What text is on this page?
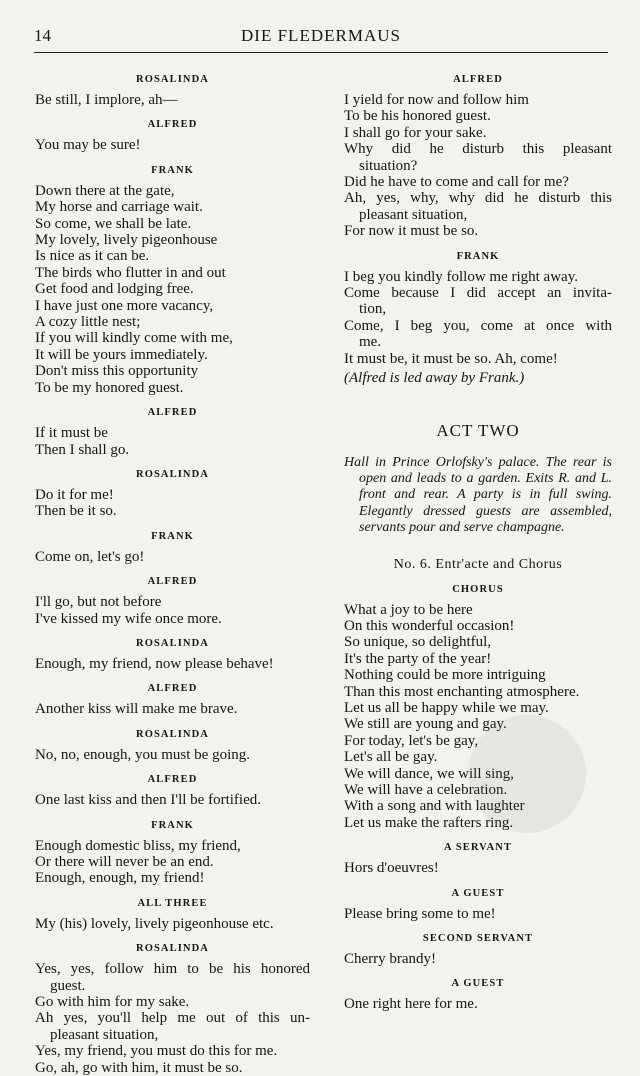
14	DIE FLEDERMAUS
ROSALINDA
Be still, I implore, ah—
ALFRED
You may be sure!
FRANK
Down there at the gate,
My horse and carriage wait.
So come, we shall be late.
My lovely, lively pigeonhouse
Is nice as it can be.
The birds who flutter in and out
Get food and lodging free.
I have just one more vacancy,
A cozy little nest;
If you will kindly come with me,
It will be yours immediately.
Don't miss this opportunity
To be my honored guest.
ALFRED
If it must be
Then I shall go.
ROSALINDA
Do it for me!
Then be it so.
FRANK
Come on, let's go!
ALFRED
I'll go, but not before
I've kissed my wife once more.
ROSALINDA
Enough, my friend, now please behave!
ALFRED
Another kiss will make me brave.
ROSALINDA
No, no, enough, you must be going.
ALFRED
One last kiss and then I'll be fortified.
FRANK
Enough domestic bliss, my friend,
Or there will never be an end.
Enough, enough, my friend!
ALL THREE
My (his) lovely, lively pigeonhouse etc.
ROSALINDA
Yes, yes, follow him to be his honored
guest.
Go with him for my sake.
Ah yes, you'll help me out of this un-
pleasant situation,
Yes, my friend, you must do this for me.
Go, ah, go with him, it must be so.
ALFRED
I yield for now and follow him
To be his honored guest.
I shall go for your sake.
Why did he disturb this pleasant
situation?
Did he have to come and call for me?
Ah, yes, why, why did he disturb this
pleasant situation,
For now it must be so.
FRANK
I beg you kindly follow me right away.
Come because I did accept an invita-
tion,
Come, I beg you, come at once with
me.
It must be, it must be so. Ah, come!
(Alfred is led away by Frank.)
ACT TWO
Hall in Prince Orlofsky's palace. The rear is open and leads to a garden. Exits R. and L. front and rear. A party is in full swing. Elegantly dressed guests are assembled, servants pour and serve champagne.
No. 6. Entr'acte and Chorus
CHORUS
What a joy to be here
On this wonderful occasion!
So unique, so delightful,
It's the party of the year!
Nothing could be more intriguing
Than this most enchanting atmosphere.
Let us all be happy while we may.
We still are young and gay.
For today, let's be gay,
Let's all be gay.
We will dance, we will sing,
We will have a celebration.
With a song and with laughter
Let us make the rafters ring.
A SERVANT
Hors d'oeuvres!
A GUEST
Please bring some to me!
SECOND SERVANT
Cherry brandy!
A GUEST
One right here for me.
